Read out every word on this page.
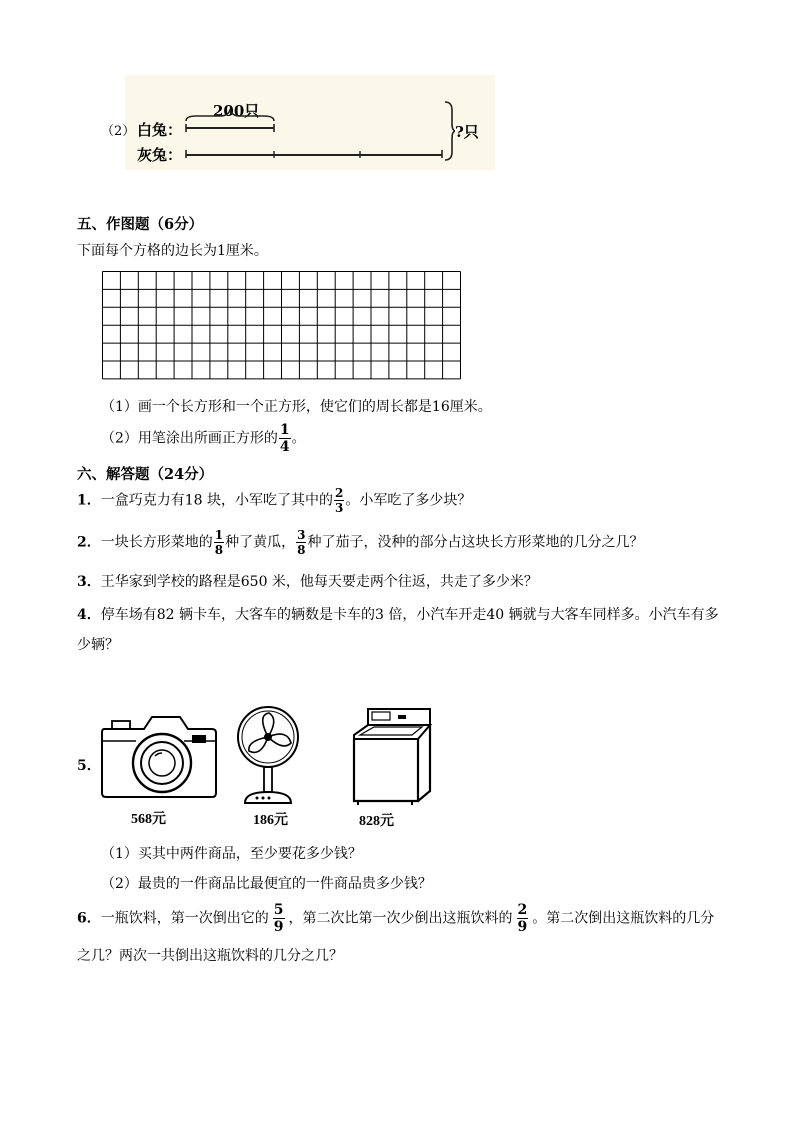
（2） 白兔：
灰兔：
200只
?只
五、作图题（6分）
下面每个方格的边长为1厘米。
（1）画一个长方形和一个正方形，使它们的周长都是16厘米。
（2）用笔涂出所画正方形的 $\frac{1}{4}$ 。
六、解答题（24分）
1．一盒巧克力有18 块，小军吃了其中的 $\frac{2}{3}$ 。小军吃了多少块？
2．一块长方形菜地的 $\frac{1}{8}$ 种了黄瓜， $\frac{3}{8}$ 种了茄子，没种的部分占这块长方形菜地的几分之几？
3．王华家到学校的路程是650 米，他每天要走两个往返，共走了多少米？
4．停车场有82 辆卡车，大客车的辆数是卡车的3 倍，小汽车开走40 辆就与大客车同样多。小汽车有多
少辆？
5．
568元	186元	828元
（1）买其中两件商品，至少要花多少钱？
（2）最贵的一件商品比最便宜的一件商品贵多少钱？
6．一瓶饮料，第一次倒出它的 $\frac{5}{9}$ ，第二次比第一次少倒出这瓶饮料的 $\frac{2}{9}$ 。第二次倒出这瓶饮料的几分
之几？两次一共倒出这瓶饮料的几分之几？
